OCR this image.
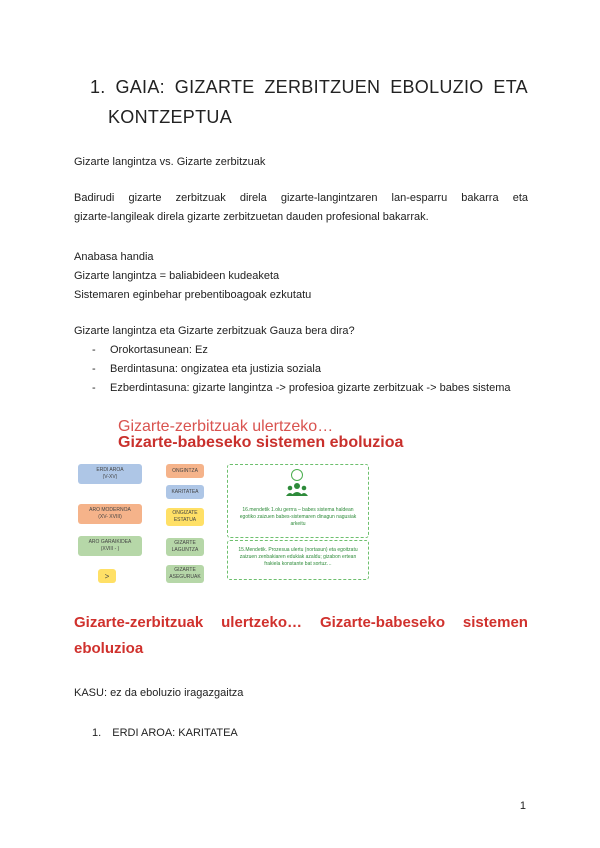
1. GAIA: GIZARTE ZERBITZUEN EBOLUZIO ETA
KONTZEPTUA
Gizarte langintza vs. Gizarte zerbitzuak
Badirudi gizarte zerbitzuak direla gizarte-langintzaren lan-esparru bakarra eta
gizarte-langileak direla gizarte zerbitzuetan dauden profesional bakarrak.
Anabasa handia
Gizarte langintza = baliabideen kudeaketa
Sistemaren eginbehar prebentiboagoak ezkutatu
Gizarte langintza eta Gizarte zerbitzuak Gauza bera dira?
- Orokortasunean: Ez
- Berdintasuna: ongizatea eta justizia soziala
- Ezberdintasuna: gizarte langintza -> profesioa gizarte zerbitzuak -> babes sistema
Gizarte-zerbitzuak ulertzeko…
Gizarte-babeseko sistemen eboluzioa
ERDI AROA
(V-XV)
ARO MODERNOA
(XV- XVIII)
ARO GARAIKIDEA
(XVIII - )
>
ONGINTZA
KARITATEA
ONGIZATE
ESTATUA
GIZARTE
LAGUNTZA
GIZARTE
ASEGURUAK
16.mendetik 1.olu gerrra – babes sistema haldean egotiko zaizuen babes-sistemaren dinagun nagusiak arkeitu
15.Mendetik. Prozesua ulertu (nortasun) eta egoitzatu zaizuen zenbakiaren edukiak azaldu; gizabon ertean frakiela konstante bat sortuz…
Gizarte-zerbitzuak ulertzeko… Gizarte-babeseko sistemen
eboluzioa
KASU: ez da eboluzio iragazgaitza
1. ERDI AROA: KARITATEA
1
